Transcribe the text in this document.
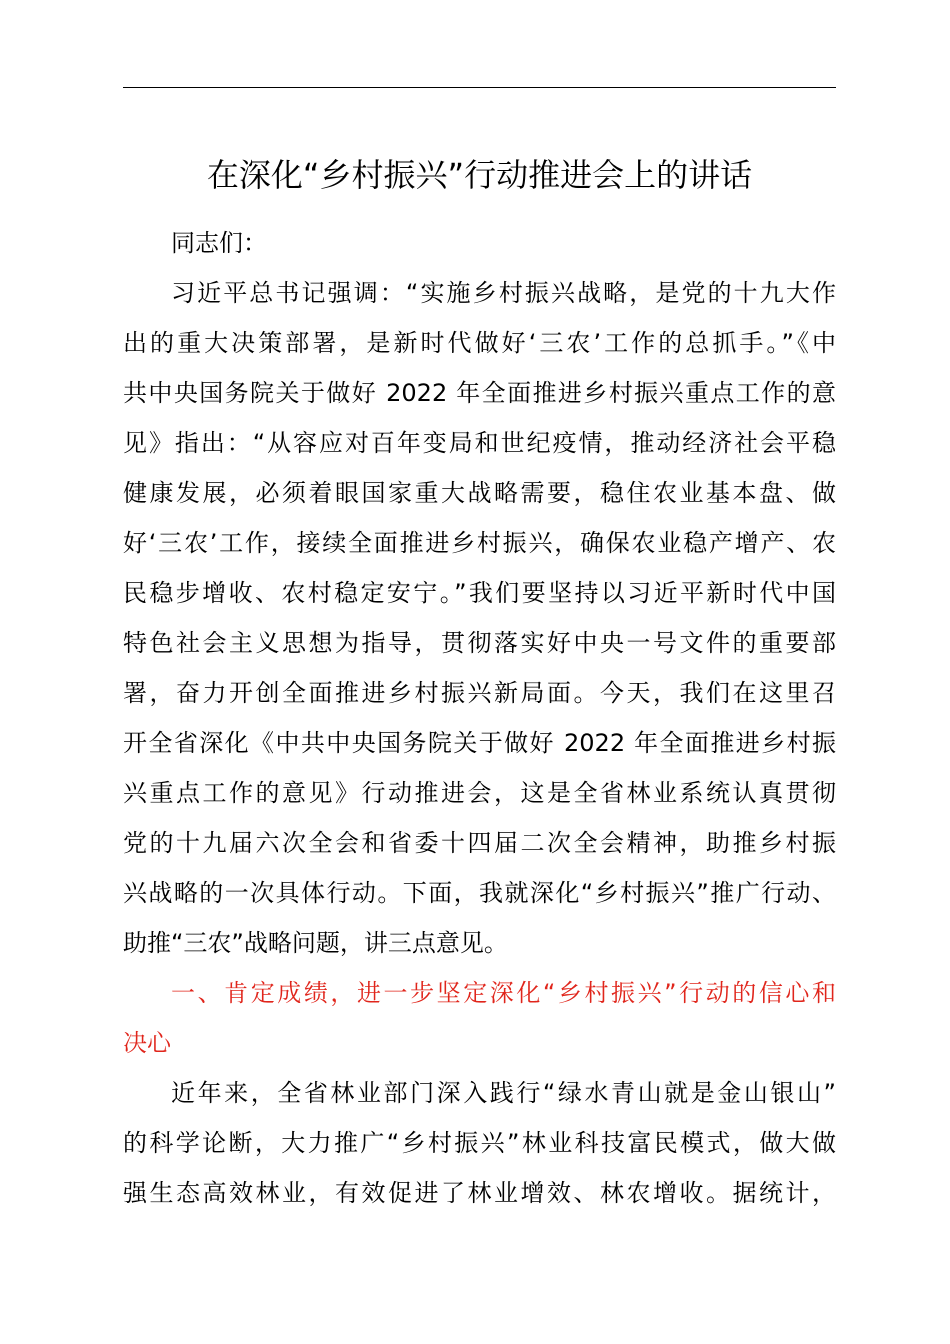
在深化“乡村振兴”行动推进会上的讲话
同志们：
习近平总书记强调：“实施乡村振兴战略，是党的十九大作
出的重大决策部署，是新时代做好‘三农’工作的总抓手。”《中
共中央国务院关于做好 2022 年全面推进乡村振兴重点工作的意
见》指出：“从容应对百年变局和世纪疫情，推动经济社会平稳
健康发展，必须着眼国家重大战略需要，稳住农业基本盘、做
好‘三农’工作，接续全面推进乡村振兴，确保农业稳产增产、农
民稳步增收、农村稳定安宁。”我们要坚持以习近平新时代中国
特色社会主义思想为指导，贯彻落实好中央一号文件的重要部
署，奋力开创全面推进乡村振兴新局面。今天，我们在这里召
开全省深化《中共中央国务院关于做好 2022 年全面推进乡村振
兴重点工作的意见》行动推进会，这是全省林业系统认真贯彻
党的十九届六次全会和省委十四届二次全会精神，助推乡村振
兴战略的一次具体行动。下面，我就深化“乡村振兴”推广行动、
助推“三农”战略问题，讲三点意见。
一、肯定成绩，进一步坚定深化“乡村振兴”行动的信心和
决心
近年来，全省林业部门深入践行“绿水青山就是金山银山”
的科学论断，大力推广“乡村振兴”林业科技富民模式，做大做
强生态高效林业，有效促进了林业增效、林农增收。据统计，
